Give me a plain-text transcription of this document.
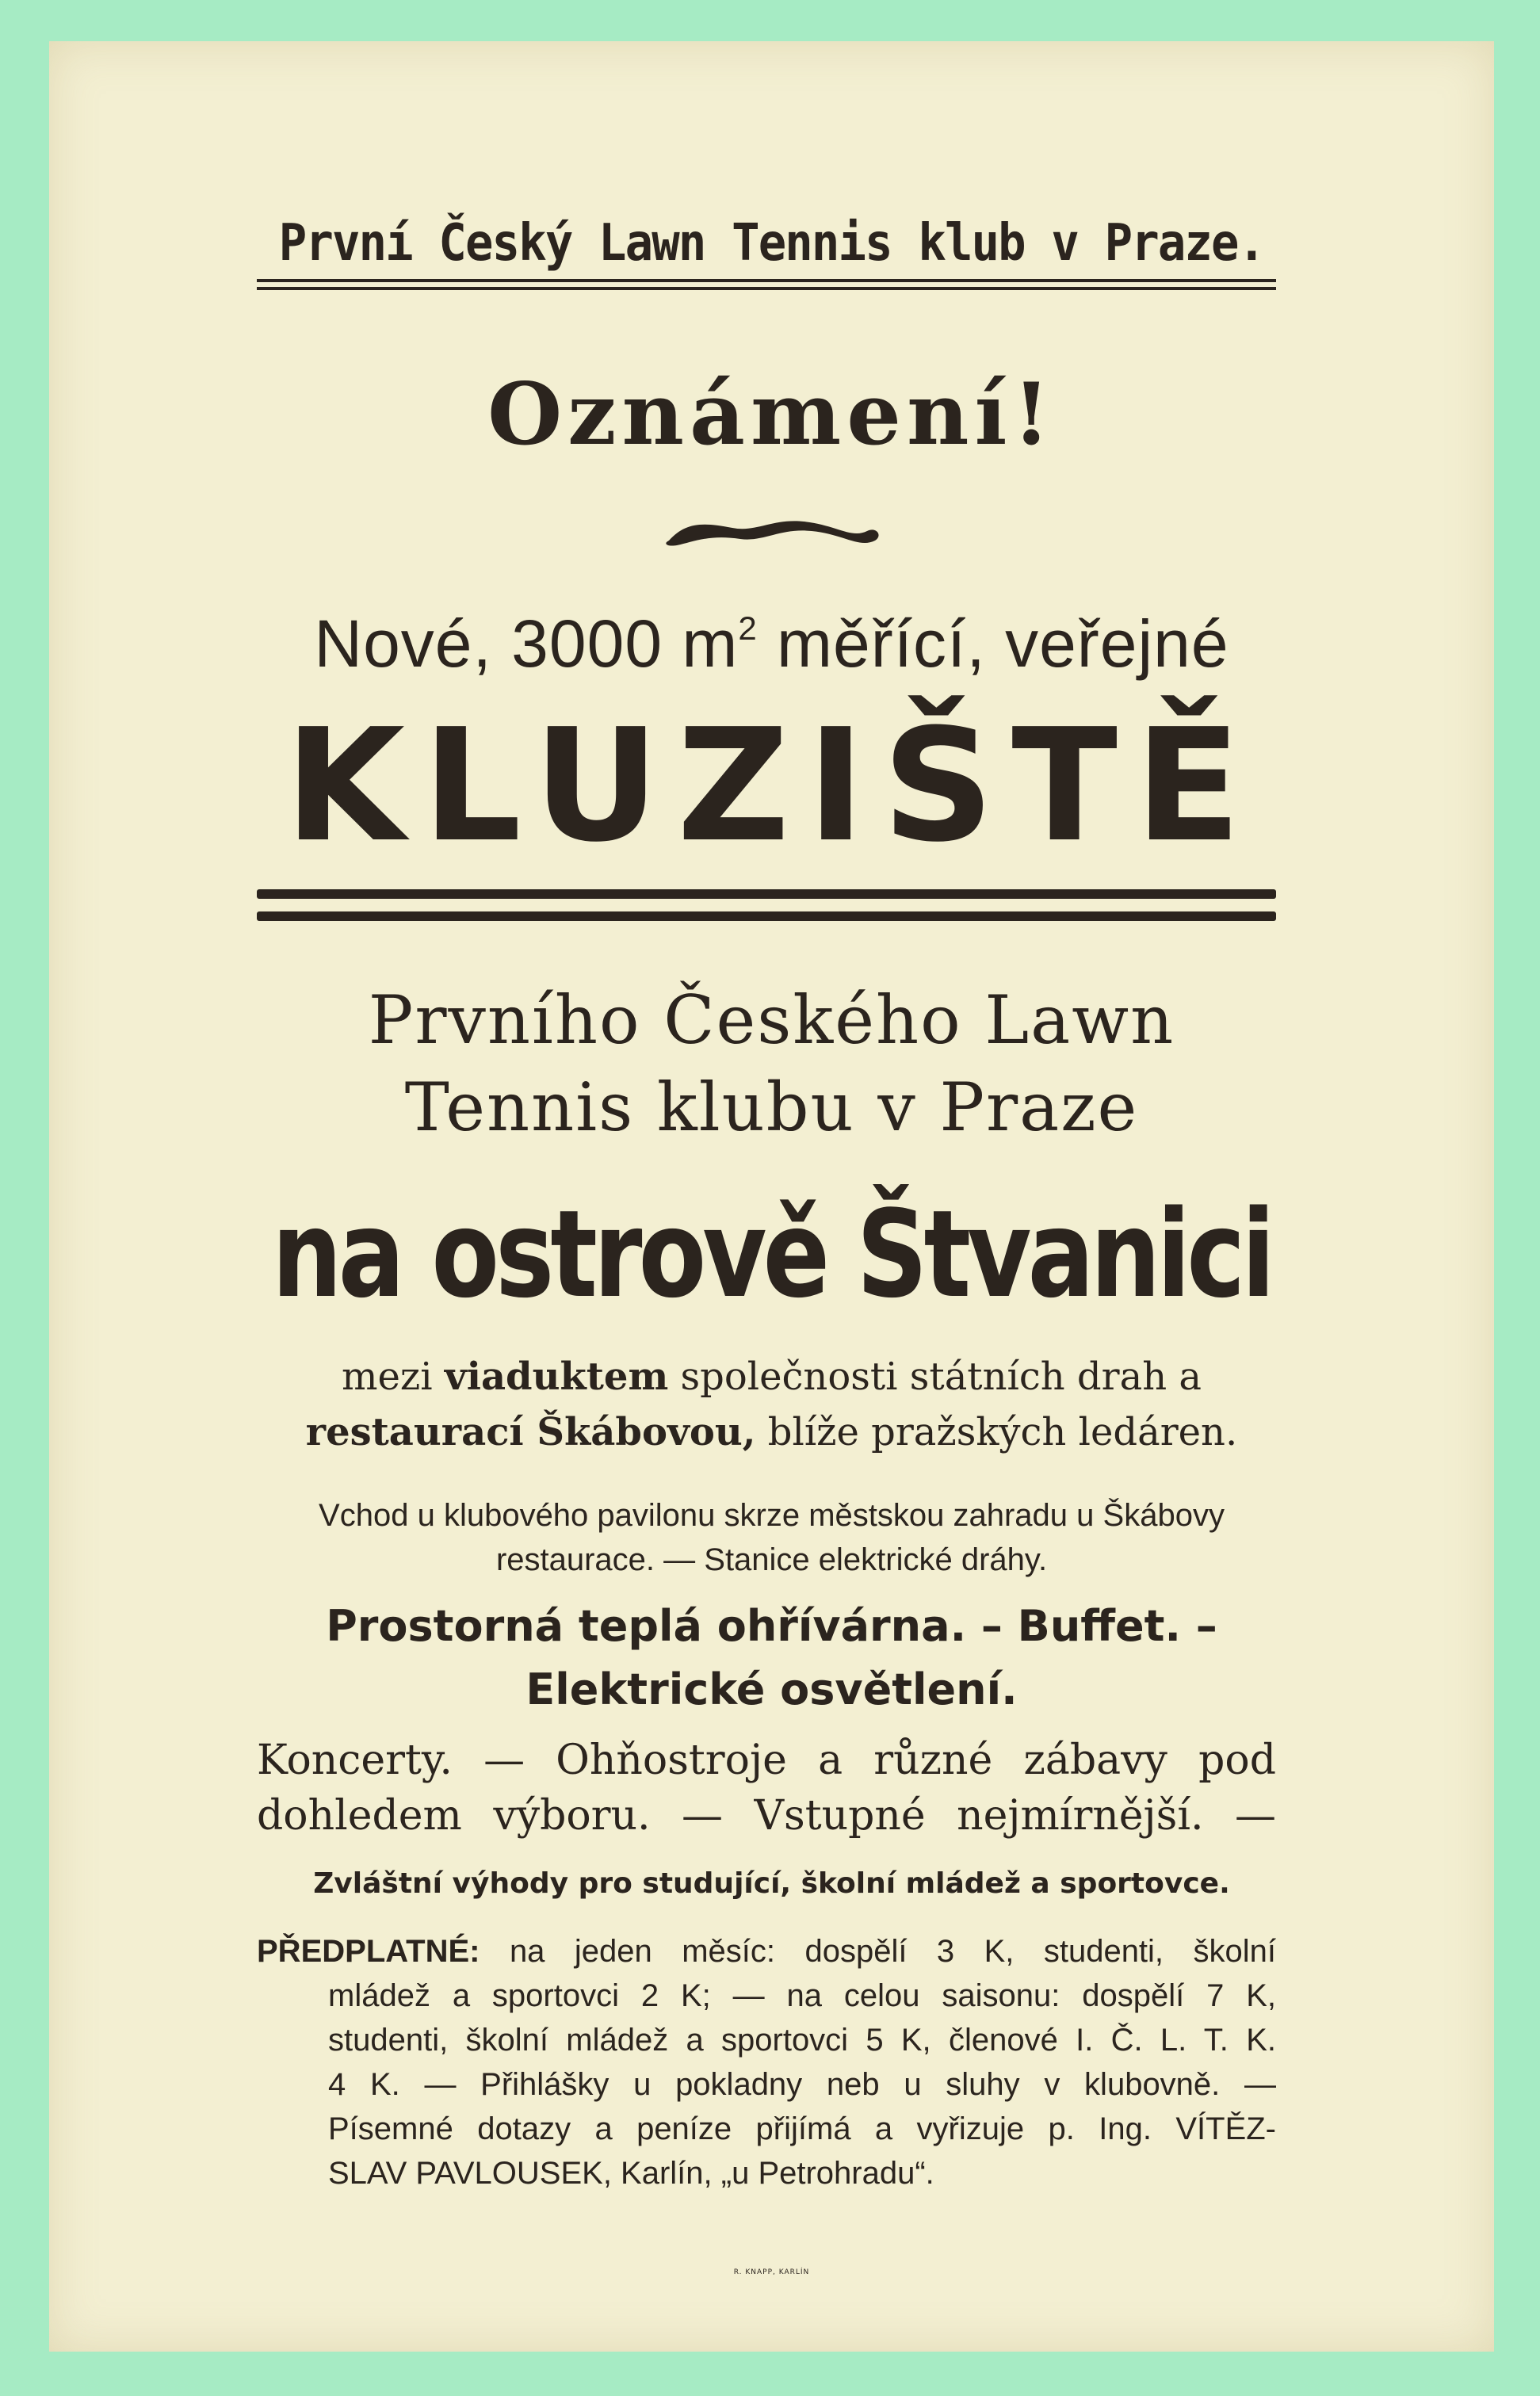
První Český Lawn Tennis klub v Praze.
Oznámení!
Nové, 3000 $m^2$ měřící, veřejné
KLUZIŠTĚ
Prvního Českého Lawn
Tennis klubu v Praze
na ostrově Štvanici
mezi viaduktem společnosti státních drah a
restaurací Škábovou, blíže pražských ledáren.
Vchod u klubového pavilonu skrze městskou zahradu u Škábovy
restaurace. — Stanice elektrické dráhy.
Prostorná teplá ohřívárna. – Buffet. –
Elektrické osvětlení.
Koncerty. — Ohňostroje a různé zábavy pod
dohledem výboru. — Vstupné nejmírnější. —
Zvláštní výhody pro studující, školní mládež a sportovce.
PŘEDPLATNÉ: na jeden měsíc: dospělí 3 K, studenti, školní
mládež a sportovci 2 K; — na celou saisonu: dospělí 7 K,
studenti, školní mládež a sportovci 5 K, členové I. Č. L. T. K.
4 K. — Přihlášky u pokladny neb u sluhy v klubovně. —
Písemné dotazy a peníze přijímá a vyřizuje p. Ing. VÍTĚZ-
SLAV PAVLOUSEK, Karlín, „u Petrohradu“.
R. KNAPP, KARLÍN
